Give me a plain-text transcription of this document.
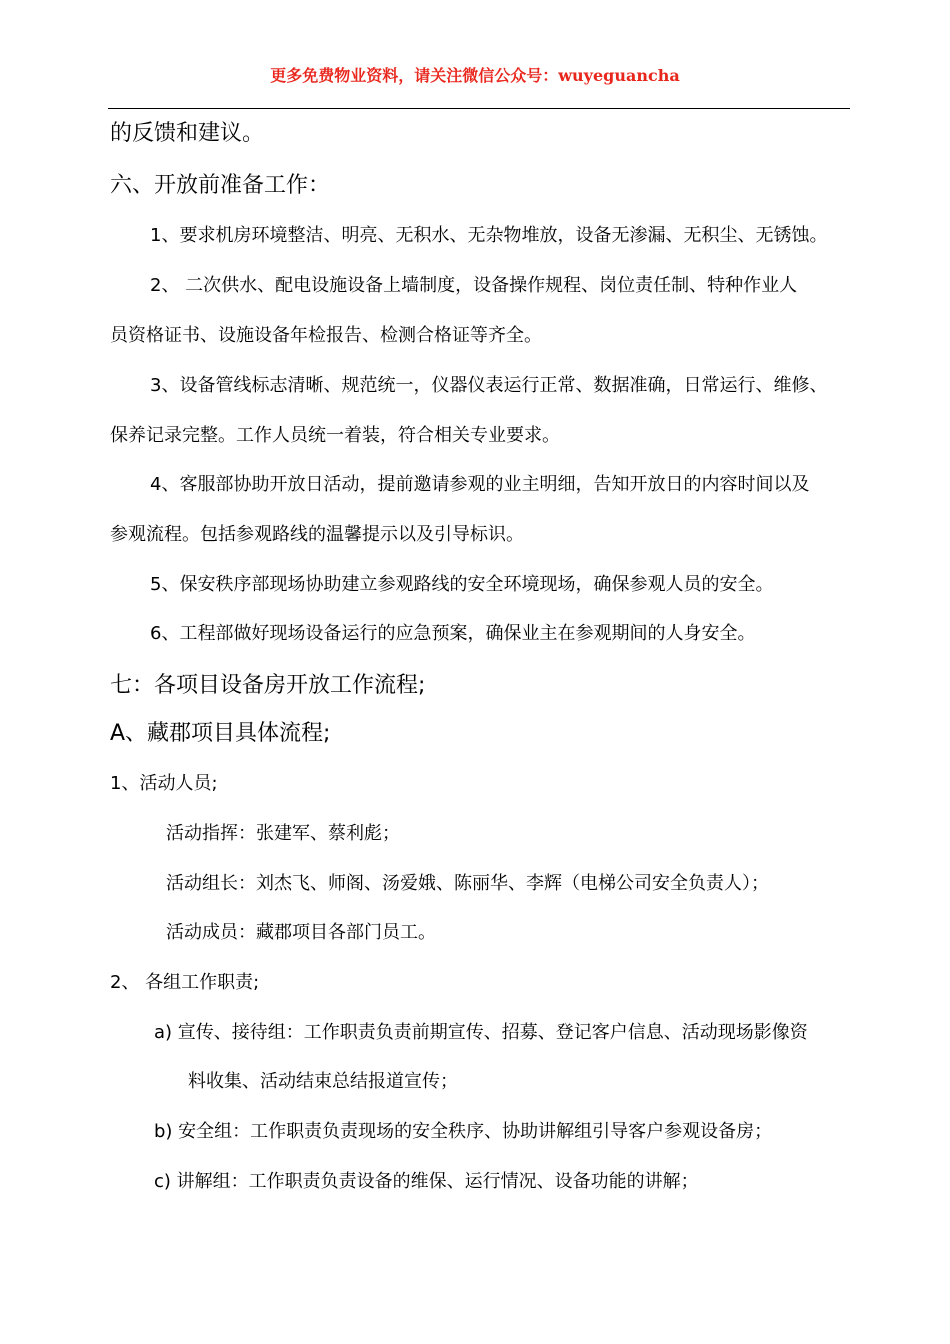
更多免费物业资料，请关注微信公众号：wuyeguancha
的反馈和建议。
六、开放前准备工作：
1、要求机房环境整洁、明亮、无积水、无杂物堆放，设备无渗漏、无积尘、无锈蚀。
2、 二次供水、配电设施设备上墙制度，设备操作规程、岗位责任制、特种作业人
员资格证书、设施设备年检报告、检测合格证等齐全。
3、设备管线标志清晰、规范统一，仪器仪表运行正常、数据准确，日常运行、维修、
保养记录完整。工作人员统一着装，符合相关专业要求。
4、客服部协助开放日活动，提前邀请参观的业主明细，告知开放日的内容时间以及
参观流程。包括参观路线的温馨提示以及引导标识。
5、保安秩序部现场协助建立参观路线的安全环境现场，确保参观人员的安全。
6、工程部做好现场设备运行的应急预案，确保业主在参观期间的人身安全。
七：各项目设备房开放工作流程;
A、藏郡项目具体流程;
1、活动人员;
活动指挥：张建军、蔡利彪；
活动组长：刘杰飞、师阁、汤爱娥、陈丽华、李辉（电梯公司安全负责人）；
活动成员：藏郡项目各部门员工。
2、 各组工作职责;
a) 宣传、接待组：工作职责负责前期宣传、招募、登记客户信息、活动现场影像资
料收集、活动结束总结报道宣传；
b) 安全组：工作职责负责现场的安全秩序、协助讲解组引导客户参观设备房；
c) 讲解组：工作职责负责设备的维保、运行情况、设备功能的讲解；
